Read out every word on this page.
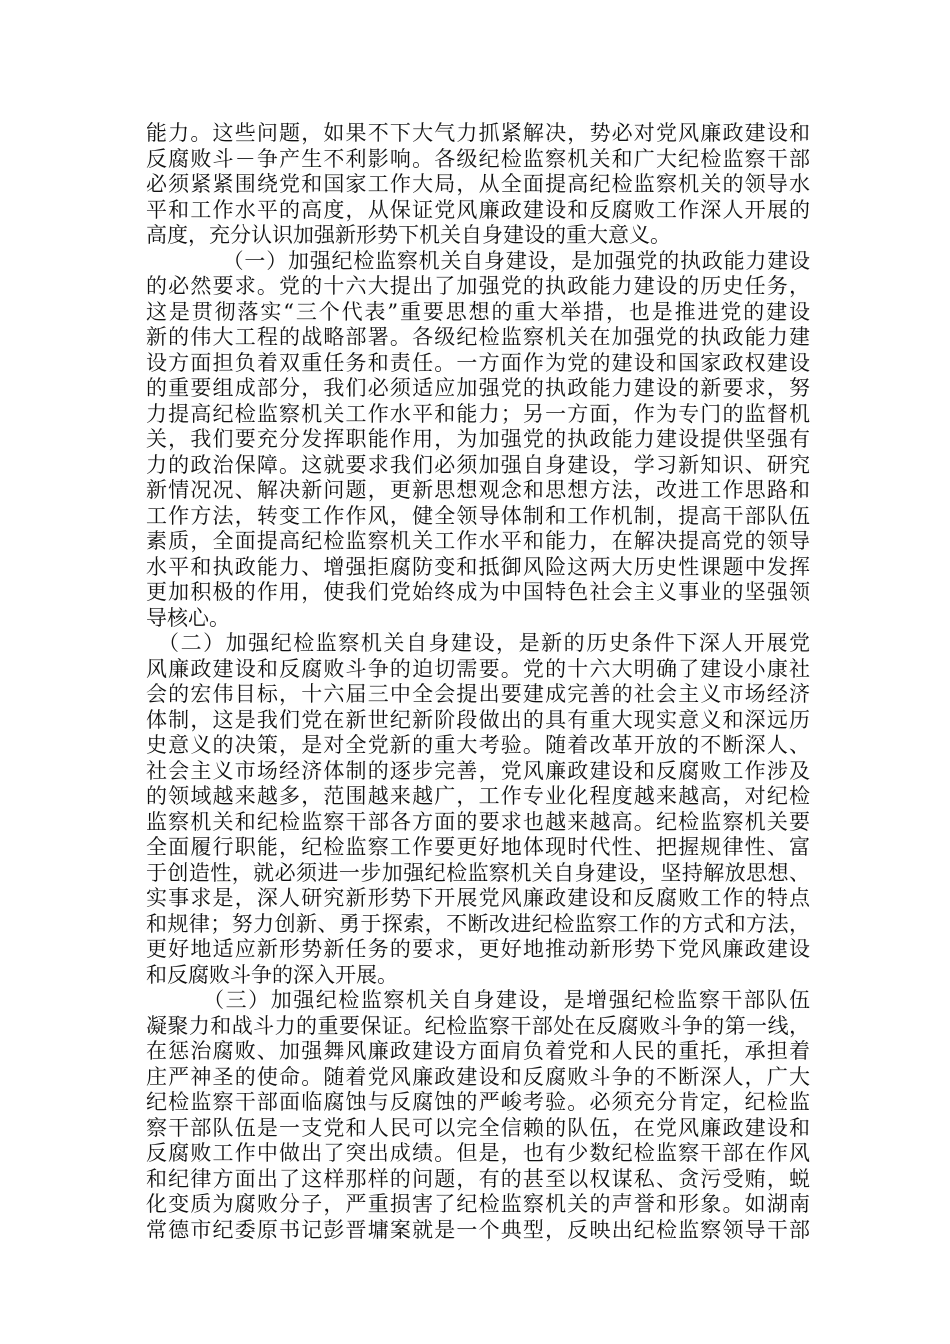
能力。这些问题，如果不下大气力抓紧解决，势必对党风廉政建设和
反腐败斗－争产生不利影响。各级纪检监察机关和广大纪检监察干部
必须紧紧围绕党和国家工作大局，从全面提高纪检监察机关的领导水
平和工作水平的高度，从保证党风廉政建设和反腐败工作深人开展的
高度，充分认识加强新形势下机关自身建设的重大意义。
　　　　（一）加强纪检监察机关自身建设，是加强党的执政能力建设
的必然要求。党的十六大提出了加强党的执政能力建设的历史任务，
这是贯彻落实“三个代表”重要思想的重大举措，也是推进党的建设
新的伟大工程的战略部署。各级纪检监察机关在加强党的执政能力建
设方面担负着双重任务和责任。一方面作为党的建设和国家政权建设
的重要组成部分，我们必须适应加强党的执政能力建设的新要求，努
力提高纪检监察机关工作水平和能力；另一方面，作为专门的监督机
关，我们要充分发挥职能作用，为加强党的执政能力建设提供坚强有
力的政治保障。这就要求我们必须加强自身建设，学习新知识、研究
新情况况、解决新问题，更新思想观念和思想方法，改进工作思路和
工作方法，转变工作作风，健全领导体制和工作机制，提高干部队伍
素质，全面提高纪检监察机关工作水平和能力，在解决提高党的领导
水平和执政能力、增强拒腐防变和抵御风险这两大历史性课题中发挥
更加积极的作用，使我们党始终成为中国特色社会主义事业的坚强领
导核心。
　（二）加强纪检监察机关自身建设，是新的历史条件下深人开展党
风廉政建设和反腐败斗争的迫切需要。党的十六大明确了建设小康社
会的宏伟目标，十六届三中全会提出要建成完善的社会主义市场经济
体制，这是我们党在新世纪新阶段做出的具有重大现实意义和深远历
史意义的决策，是对全党新的重大考验。随着改革开放的不断深人、
社会主义市场经济体制的逐步完善，党风廉政建设和反腐败工作涉及
的领域越来越多，范围越来越广，工作专业化程度越来越高，对纪检
监察机关和纪检监察干部各方面的要求也越来越高。纪检监察机关要
全面履行职能，纪检监察工作要更好地体现时代性、把握规律性、富
于创造性，就必须进一步加强纪检监察机关自身建设，坚持解放思想、
实事求是，深人研究新形势下开展党风廉政建设和反腐败工作的特点
和规律；努力创新、勇于探索，不断改进纪检监察工作的方式和方法，
更好地适应新形势新任务的要求，更好地推动新形势下党风廉政建设
和反腐败斗争的深入开展。
　　　（三）加强纪检监察机关自身建设，是增强纪检监察干部队伍
凝聚力和战斗力的重要保证。纪检监察干部处在反腐败斗争的第一线，
在惩治腐败、加强舞风廉政建设方面肩负着党和人民的重托，承担着
庄严神圣的使命。随着党风廉政建设和反腐败斗争的不断深人，广大
纪检监察干部面临腐蚀与反腐蚀的严峻考验。必须充分肯定，纪检监
察干部队伍是一支党和人民可以完全信赖的队伍，在党风廉政建设和
反腐败工作中做出了突出成绩。但是，也有少数纪检监察干部在作风
和纪律方面出了这样那样的问题，有的甚至以权谋私、贪污受贿，蜕
化变质为腐败分子，严重损害了纪检监察机关的声誉和形象。如湖南
常德市纪委原书记彭晋墉案就是一个典型，反映出纪检监察领导干部
